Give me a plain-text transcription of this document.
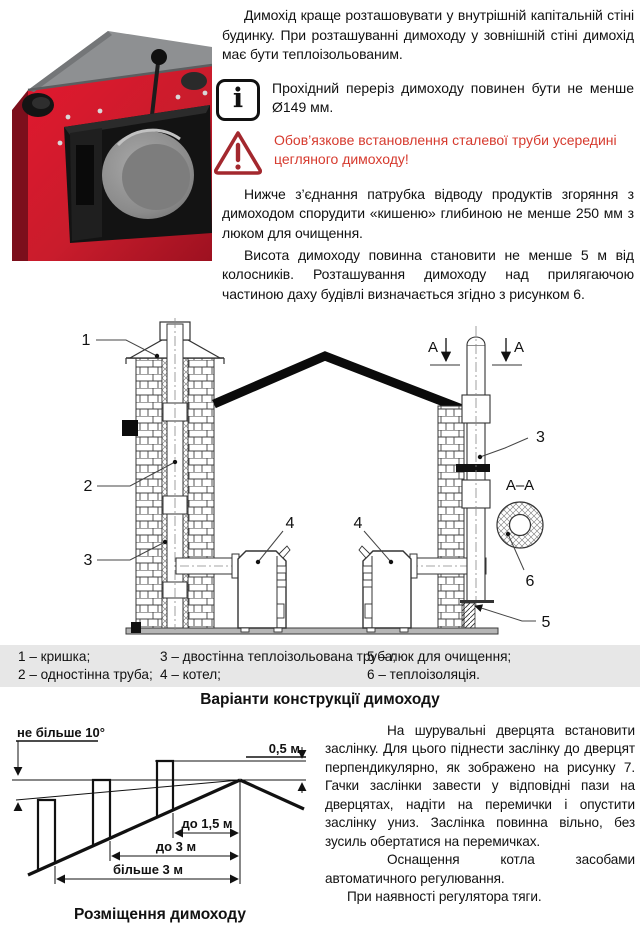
Димохід краще розташовувати у внутрішній капітальній стіні будинку. При розташуванні димоходу у зовнішній стіні димохід має бути теплоізольованим.

i Прохідний переріз димоходу повинен бути не менше Ø149 мм.
Обов’язкове встановлення сталевої труби усередині цегляного димоходу!

Нижче з’єднання патрубка відводу продуктів згоряння з димоходом спорудити «кишеню» глибиною не менше 250 мм з люком для очищення.

Висота димоходу повинна становити не менше 5 м від колосників. Розташування димоходу над прилягаючою частиною даху будівлі визначається згідно з рисунком 6.

А	А
А–А
1
2
3
4	4
3
6
5
1 – кришка;
2 – одностінна труба;
3 – двостінна теплоізольована труба;
4 – котел;
5 – люк для очищення;
6 – теплоізоляція.
Варіанти конструкції димоходу
не більше 10°
0,5 м
до 1,5 м
до 3 м
більше 3 м
Розміщення димоходу

На шурувальні дверцята встановити заслінку. Для цього піднести заслінку до дверцят перпендикулярно, як зображено на рисунку 7. Гачки заслінки завести у відповідні пази на дверцятах, надіти на перемички і опустити заслінку униз. Заслінка повинна вільно, без зусиль обертатися на перемичках.

Оснащення котла засобами автоматичного регулювання.

При наявності регулятора тяги.
